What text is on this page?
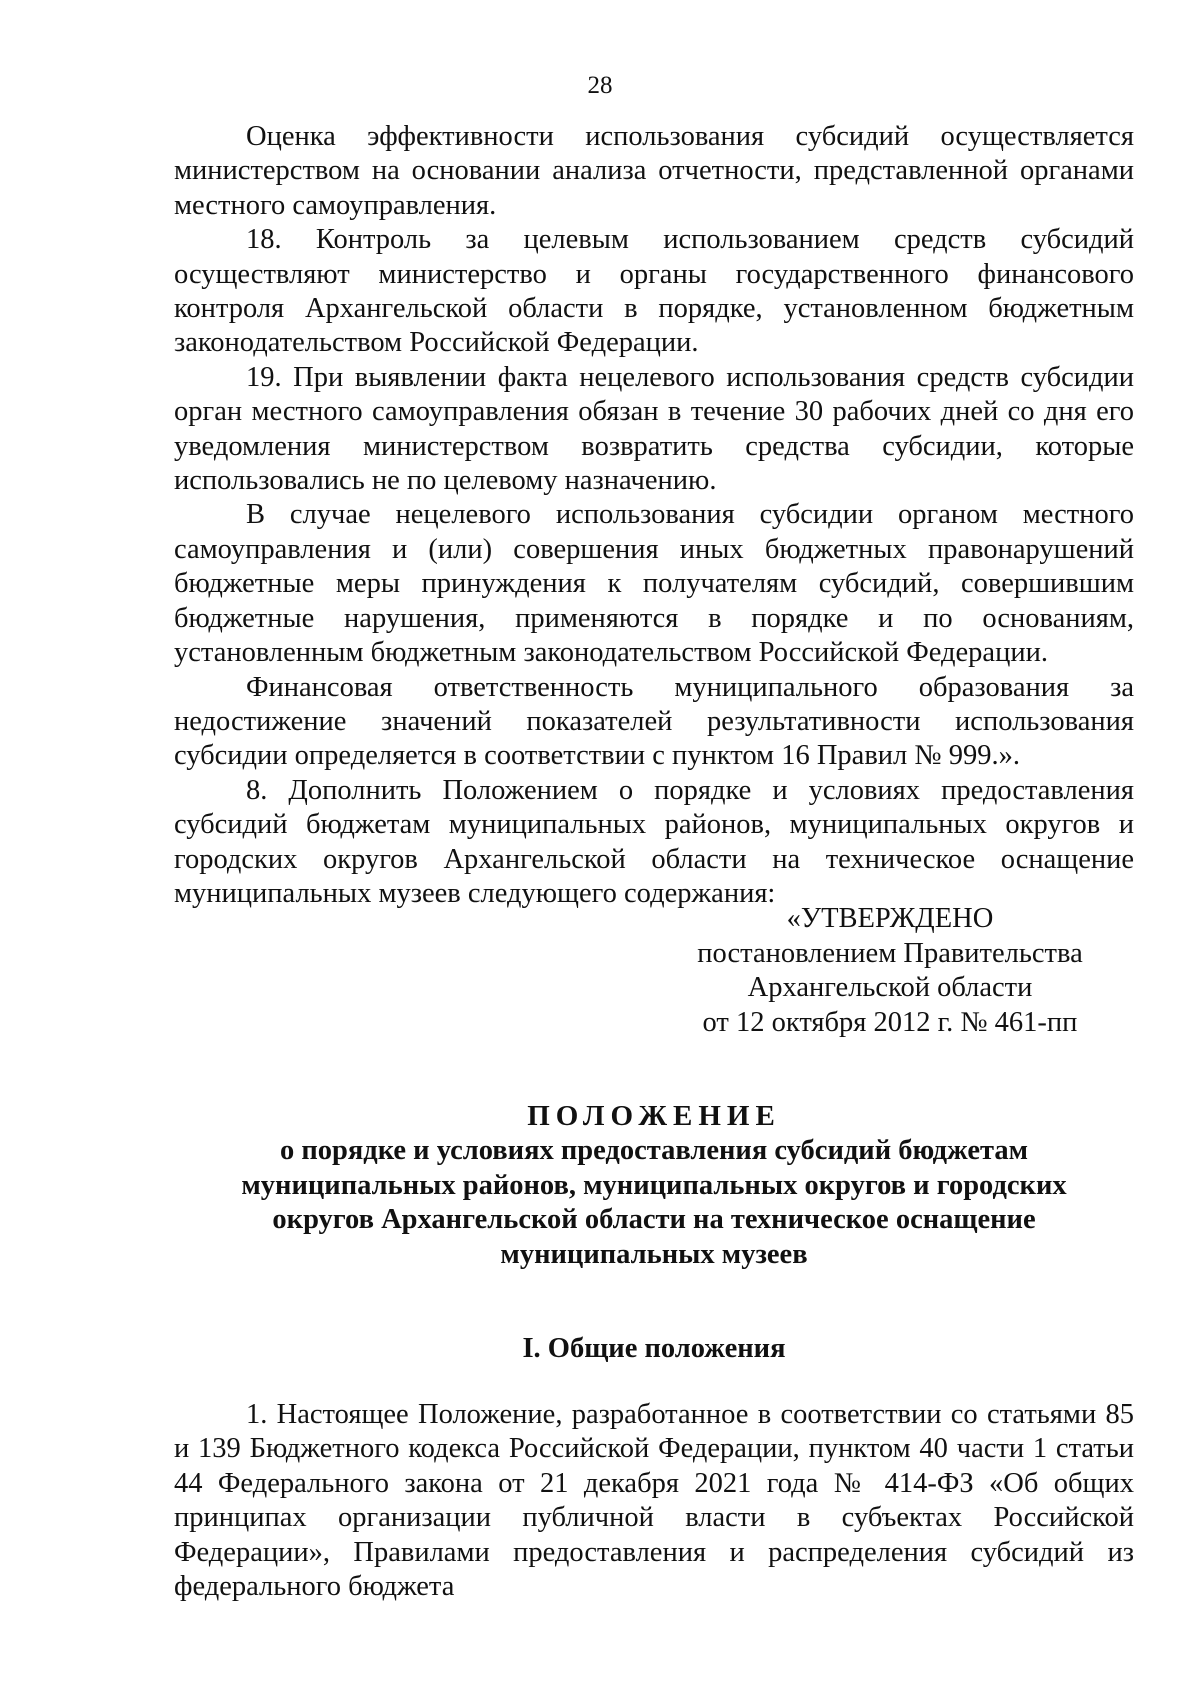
28

Оценка эффективности использования субсидий осуществляется министерством на основании анализа отчетности, представленной органами местного самоуправления.

18. Контроль за целевым использованием средств субсидий осуществляют министерство и органы государственного финансового контроля Архангельской области в порядке, установленном бюджетным законодательством Российской Федерации.

19. При выявлении факта нецелевого использования средств субсидии орган местного самоуправления обязан в течение 30 рабочих дней со дня его уведомления министерством возвратить средства субсидии, которые использовались не по целевому назначению.

В случае нецелевого использования субсидии органом местного самоуправления и (или) совершения иных бюджетных правонарушений бюджетные меры принуждения к получателям субсидий, совершившим бюджетные нарушения, применяются в порядке и по основаниям, установленным бюджетным законодательством Российской Федерации.

Финансовая ответственность муниципального образования за недостижение значений показателей результативности использования субсидии определяется в соответствии с пунктом 16 Правил № 999.».

8. Дополнить Положением о порядке и условиях предоставления субсидий бюджетам муниципальных районов, муниципальных округов и городских округов Архангельской области на техническое оснащение муниципальных музеев следующего содержания:

«УТВЕРЖДЕНО
постановлением Правительства
Архангельской области
от 12 октября 2012 г. № 461-пп
ПОЛОЖЕНИЕ
о порядке и условиях предоставления субсидий бюджетам
муниципальных районов, муниципальных округов и городских
округов Архангельской области на техническое оснащение
муниципальных музеев
I. Общие положения

1. Настоящее Положение, разработанное в соответствии со статьями 85 и 139 Бюджетного кодекса Российской Федерации, пунктом 40 части 1 статьи 44 Федерального закона от 21 декабря 2021 года № 414-ФЗ «Об общих принципах организации публичной власти в субъектах Российской Федерации», Правилами предоставления и распределения субсидий из федерального бюджета
